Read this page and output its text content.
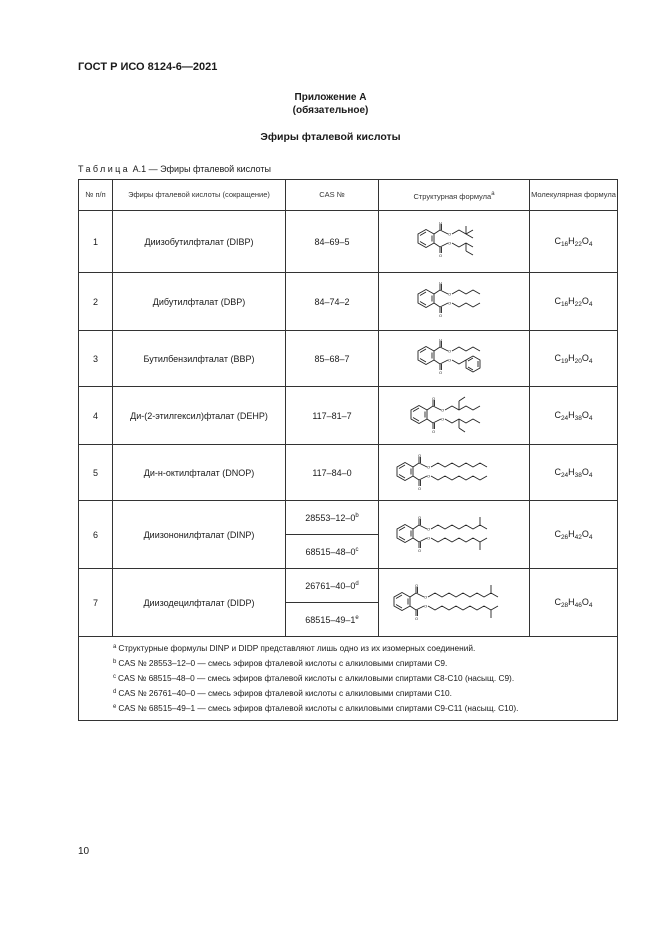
ГОСТ Р ИСО 8124-6—2021
Приложение А
(обязательное)
Эфиры фталевой кислоты
Таблица А.1 — Эфиры фталевой кислоты
№ п/п	Эфиры фталевой кислоты (сокращение)	CAS №	Структурная формула$^a$	Молекулярная формула
1	Диизобутилфталат (DIBP)	84–69–5	O
O
O
O	$C_{16}H_{22}O_4$
2	Дибутилфталат (DBP)	84–74–2	O
O
O
O	$C_{16}H_{22}O_4$
3	Бутилбензилфталат (BBP)	85–68–7	O
O
O
O	$C_{19}H_{20}O_4$
4	Ди-(2-этилгексил)фталат (DEHP)	117–81–7	O
O
O
O	$C_{24}H_{38}O_4$
5	Ди-н-октилфталат (DNOP)	117–84–0	O
O
O
O	$C_{24}H_{38}O_4$
6	Диизононилфталат (DINP)	28553–12–0$^b$	O
O
O
O	$C_{26}H_{42}O_4$
		68515–48–0$^c$
7	Диизодецилфталат (DIDP)	26761–40–0$^d$	O
O
O
O	$C_{28}H_{46}O_4$
		68515–49–1e

$^a$ Структурные формулы DINP и DIDP представляют лишь одно из их изомерных соединений.
$^b$ CAS № 28553–12–0 — смесь эфиров фталевой кислоты с алкиловыми спиртами С9.
$^c$ CAS № 68515–48–0 — смесь эфиров фталевой кислоты с алкиловыми спиртами С8-С10 (насыщ. С9).
$^d$ CAS № 26761–40–0 — смесь эфиров фталевой кислоты с алкиловыми спиртами С10.
$^e$ CAS № 68515–49–1 — смесь эфиров фталевой кислоты с алкиловыми спиртами С9-С11 (насыщ. С10).				
10
